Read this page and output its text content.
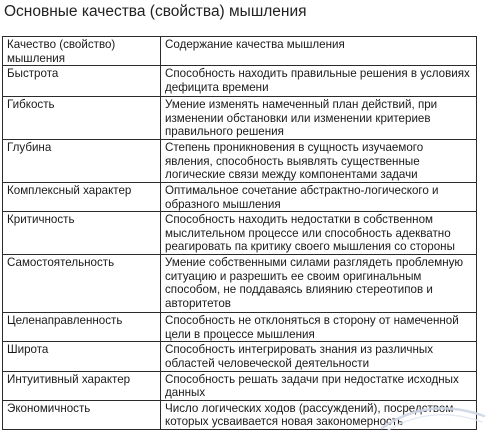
Основные качества (свойства) мышления
Качество (свойство) мышления	Содержание качества мышления
Быстрота	Способность находить правильные решения в условиях дефицита времени
Гибкость	Умение изменять намеченный план действий, при изменении обстановки или изменении критериев правильного решения
Глубина	Степень проникновения в сущность изучаемого явления, способность выявлять существенные логические связи между компонентами задачи
Комплексный характер	Оптимальное сочетание абстрактно-логического и образного мышления
Критичность	Способность находить недостатки в собственном мыслительном процессе или способность адекватно реагировать па критику своего мышления со стороны
Самостоятельность	Умение собственными силами разглядеть проблемную ситуацию и разрешить ее своим оригинальным способом, не поддаваясь влиянию стереотипов и авторитетов
Целенаправленность	Способность не отклоняться в сторону от намеченной цели в процессе мышления
Широта	Способность интегрировать знания из различных областей человеческой деятельности
Интуитивный характер	Способность решать задачи при недостатке исходных данных
Экономичность	Число логических ходов (рассуждений), посредством которых усваивается новая закономерность
